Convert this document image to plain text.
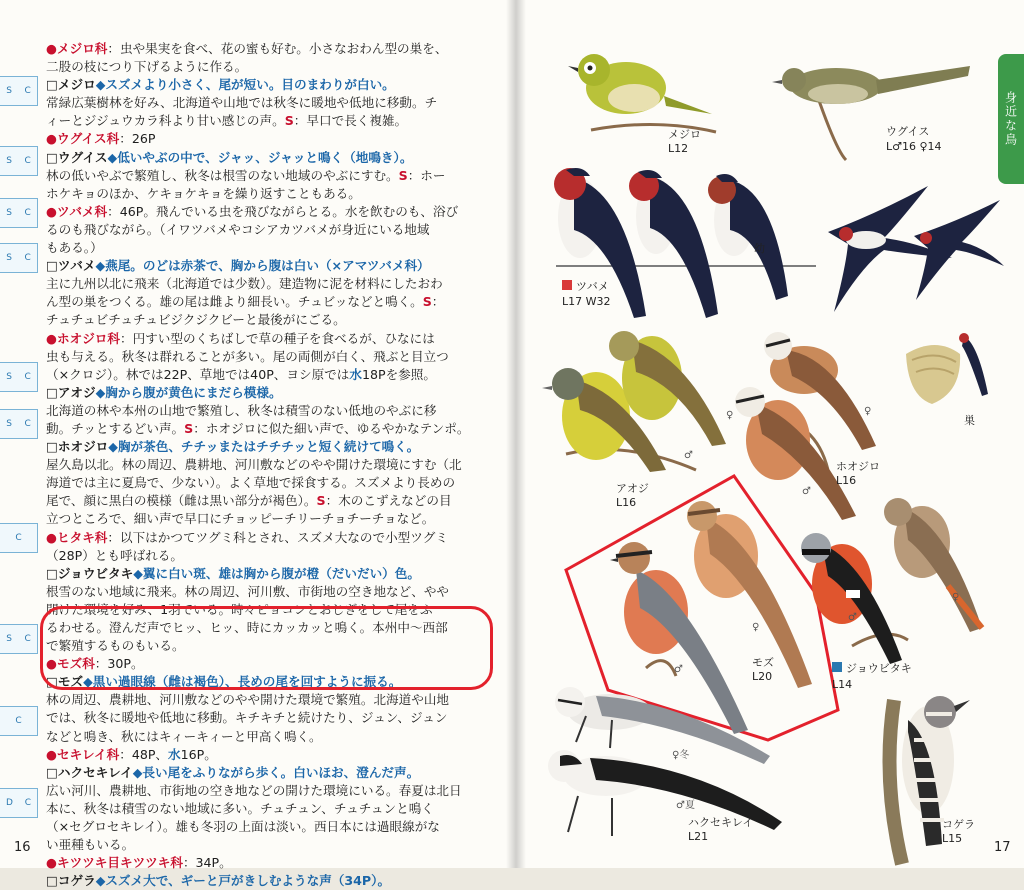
S C
S C
S C
S C
S C
S C
C
S C
C
D C
●メジロ科：虫や果実を食べ、花の蜜も好む。小さなおわん型の巣を、
二股の枝につり下げるように作る。
□メジロ◆スズメより小さく、尾が短い。目のまわりが白い。
常緑広葉樹林を好み、北海道や山地では秋冬に暖地や低地に移動。チ
ィーとジジュウカラ科より甘い感じの声。S：早口で長く複雑。
●ウグイス科：26P
□ウグイス◆低いやぶの中で、ジャッ、ジャッと鳴く（地鳴き）。
林の低いやぶで繁殖し、秋冬は根雪のない地域のやぶにすむ。S：ホー
ホケキョのほか、ケキョケキョを繰り返すこともある。
●ツバメ科：46P。飛んでいる虫を飛びながらとる。水を飲むのも、浴び
るのも飛びながら。（イワツバメやコシアカツバメが身近にいる地域
もある。）
□ツバメ◆燕尾。のどは赤茶で、胸から腹は白い（×アマツバメ科）
主に九州以北に飛来（北海道では少数）。建造物に泥を材料にしたおわ
ん型の巣をつくる。雄の尾は雌より細長い。チュビッなどと鳴く。S：
チュチュビチュチュビジクジクビーと最後がにごる。
●ホオジロ科：円すい型のくちばしで草の種子を食べるが、ひなには
虫も与える。秋冬は群れることが多い。尾の両側が白く、飛ぶと目立つ
（×クロジ）。林では22P、草地では40P、ヨシ原では水18Pを参照。
□アオジ◆胸から腹が黄色にまだら模様。
北海道の林や本州の山地で繁殖し、秋冬は積雪のない低地のやぶに移
動。チッとするどい声。S：ホオジロに似た細い声で、ゆるやかなテンポ。
□ホオジロ◆胸が茶色、チチッまたはチチチッと短く続けて鳴く。
屋久島以北。林の周辺、農耕地、河川敷などのやや開けた環境にすむ（北
海道では主に夏鳥で、少ない）。よく草地で採食する。スズメより長めの
尾で、顔に黒白の模様（雌は黒い部分が褐色）。S：木のこずえなどの目
立つところで、細い声で早口にチョッピーチリーチョチーチョなど。
●ヒタキ科：以下はかつてツグミ科とされ、スズメ大なので小型ツグミ
（28P）とも呼ばれる。
□ジョウビタキ◆翼に白い斑、雄は胸から腹が橙（だいだい）色。
根雪のない地域に飛来。林の周辺、河川敷、市街地の空き地など、やや
開けた環境を好み、1羽でいる。時々ピョコンとおじぎをして尾をふ
るわせる。澄んだ声でヒッ、ヒッ、時にカッカッと鳴く。本州中〜西部
で繁殖するものもいる。
●モズ科：30P。
□モズ◆黒い過眼線（雌は褐色）、長めの尾を回すように振る。
林の周辺、農耕地、河川敷などのやや開けた環境で繁殖。北海道や山地
では、秋冬に暖地や低地に移動。キチキチと続けたり、ジュン、ジュン
などと鳴き、秋にはキィーキィーと甲高く鳴く。
●セキレイ科：48P、水16P。
□ハクセキレイ◆長い尾をふりながら歩く。白いほお、澄んだ声。
広い河川、農耕地、市街地の空き地などの開けた環境にいる。春夏は北日
本に、秋冬は積雪のない地域に多い。チュチュン、チュチュンと鳴く
（×セグロセキレイ）。雄も冬羽の上面は淡い。西日本には過眼線がな
い亜種もいる。
●キツツキ目キツツキ科：34P。
□コゲラ◆スズメ大で、ギーと戸がきしむような声（34P）。
16	17
身近な鳥
メジロ
L12
ウグイス
L♂16 ♀14
幼
ツバメ
L17 W32
巣
♂
♀
アオジ
L16
♀
♂
ホオジロ
L16
♂
♀
モズ
L20
♂
♀
ジョウビタキ
L14
♀冬
♂夏
ハクセキレイ
L21
コゲラ
L15
